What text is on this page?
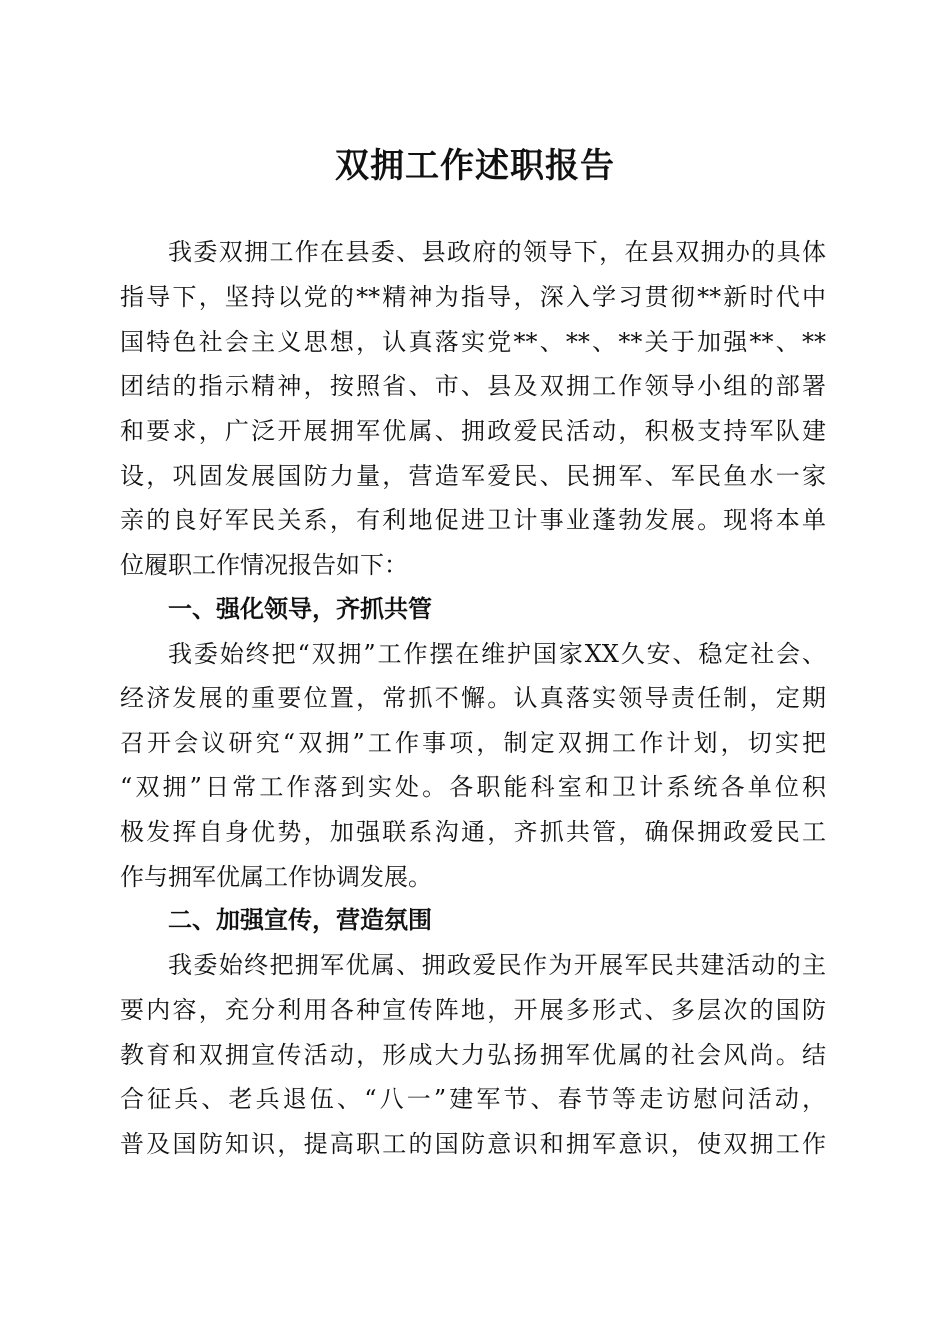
双拥工作述职报告
我委双拥工作在县委、县政府的领导下，在县双拥办的具体
指导下，坚持以党的**精神为指导，深入学习贯彻**新时代中
国特色社会主义思想，认真落实党**、**、**关于加强**、**
团结的指示精神，按照省、市、县及双拥工作领导小组的部署
和要求，广泛开展拥军优属、拥政爱民活动，积极支持军队建
设，巩固发展国防力量，营造军爱民、民拥军、军民鱼水一家
亲的良好军民关系，有利地促进卫计事业蓬勃发展。现将本单
位履职工作情况报告如下：
一、强化领导，齐抓共管
我委始终把“双拥”工作摆在维护国家XX久安、稳定社会、
经济发展的重要位置，常抓不懈。认真落实领导责任制，定期
召开会议研究“双拥”工作事项，制定双拥工作计划，切实把
“双拥”日常工作落到实处。各职能科室和卫计系统各单位积
极发挥自身优势，加强联系沟通，齐抓共管，确保拥政爱民工
作与拥军优属工作协调发展。
二、加强宣传，营造氛围
我委始终把拥军优属、拥政爱民作为开展军民共建活动的主
要内容，充分利用各种宣传阵地，开展多形式、多层次的国防
教育和双拥宣传活动，形成大力弘扬拥军优属的社会风尚。结
合征兵、老兵退伍、“八一”建军节、春节等走访慰问活动，
普及国防知识，提高职工的国防意识和拥军意识，使双拥工作
